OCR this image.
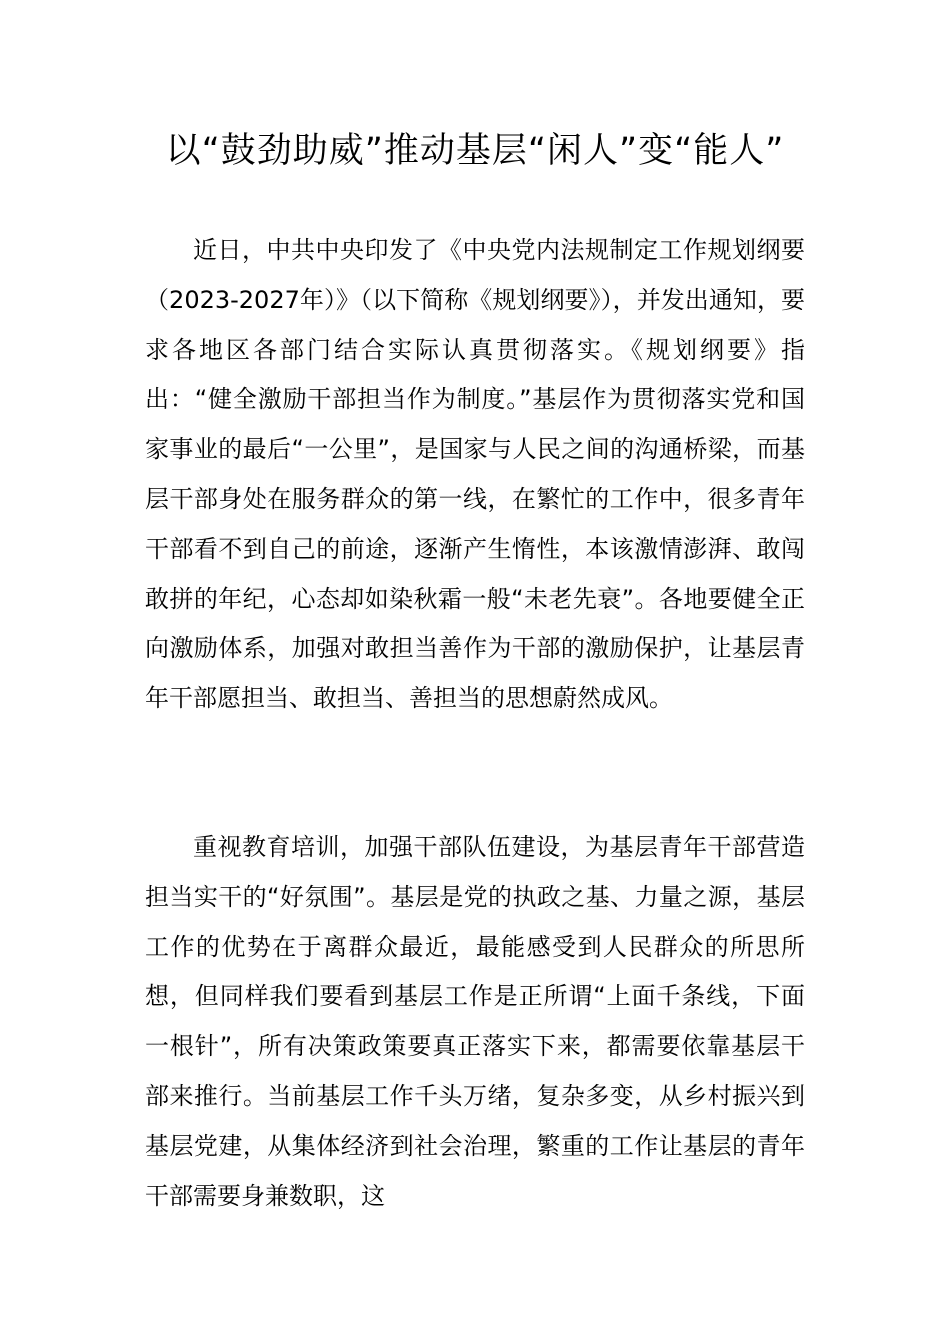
以“鼓劲助威”推动基层“闲人”变“能人”

近日，中共中央印发了《中央党内法规制定工作规划纲要（2023-2027年）》（以下简称《规划纲要》），并发出通知，要求各地区各部门结合实际认真贯彻落实。《规划纲要》指出：“健全激励干部担当作为制度。”基层作为贯彻落实党和国家事业的最后“一公里”，是国家与人民之间的沟通桥梁，而基层干部身处在服务群众的第一线，在繁忙的工作中，很多青年干部看不到自己的前途，逐渐产生惰性，本该激情澎湃、敢闯敢拼的年纪，心态却如染秋霜一般“未老先衰”。各地要健全正向激励体系，加强对敢担当善作为干部的激励保护，让基层青年干部愿担当、敢担当、善担当的思想蔚然成风。

重视教育培训，加强干部队伍建设，为基层青年干部营造担当实干的“好氛围”。基层是党的执政之基、力量之源，基层工作的优势在于离群众最近，最能感受到人民群众的所思所想，但同样我们要看到基层工作是正所谓“上面千条线，下面一根针”，所有决策政策要真正落实下来，都需要依靠基层干部来推行。当前基层工作千头万绪，复杂多变，从乡村振兴到基层党建，从集体经济到社会治理，繁重的工作让基层的青年干部需要身兼数职，这
